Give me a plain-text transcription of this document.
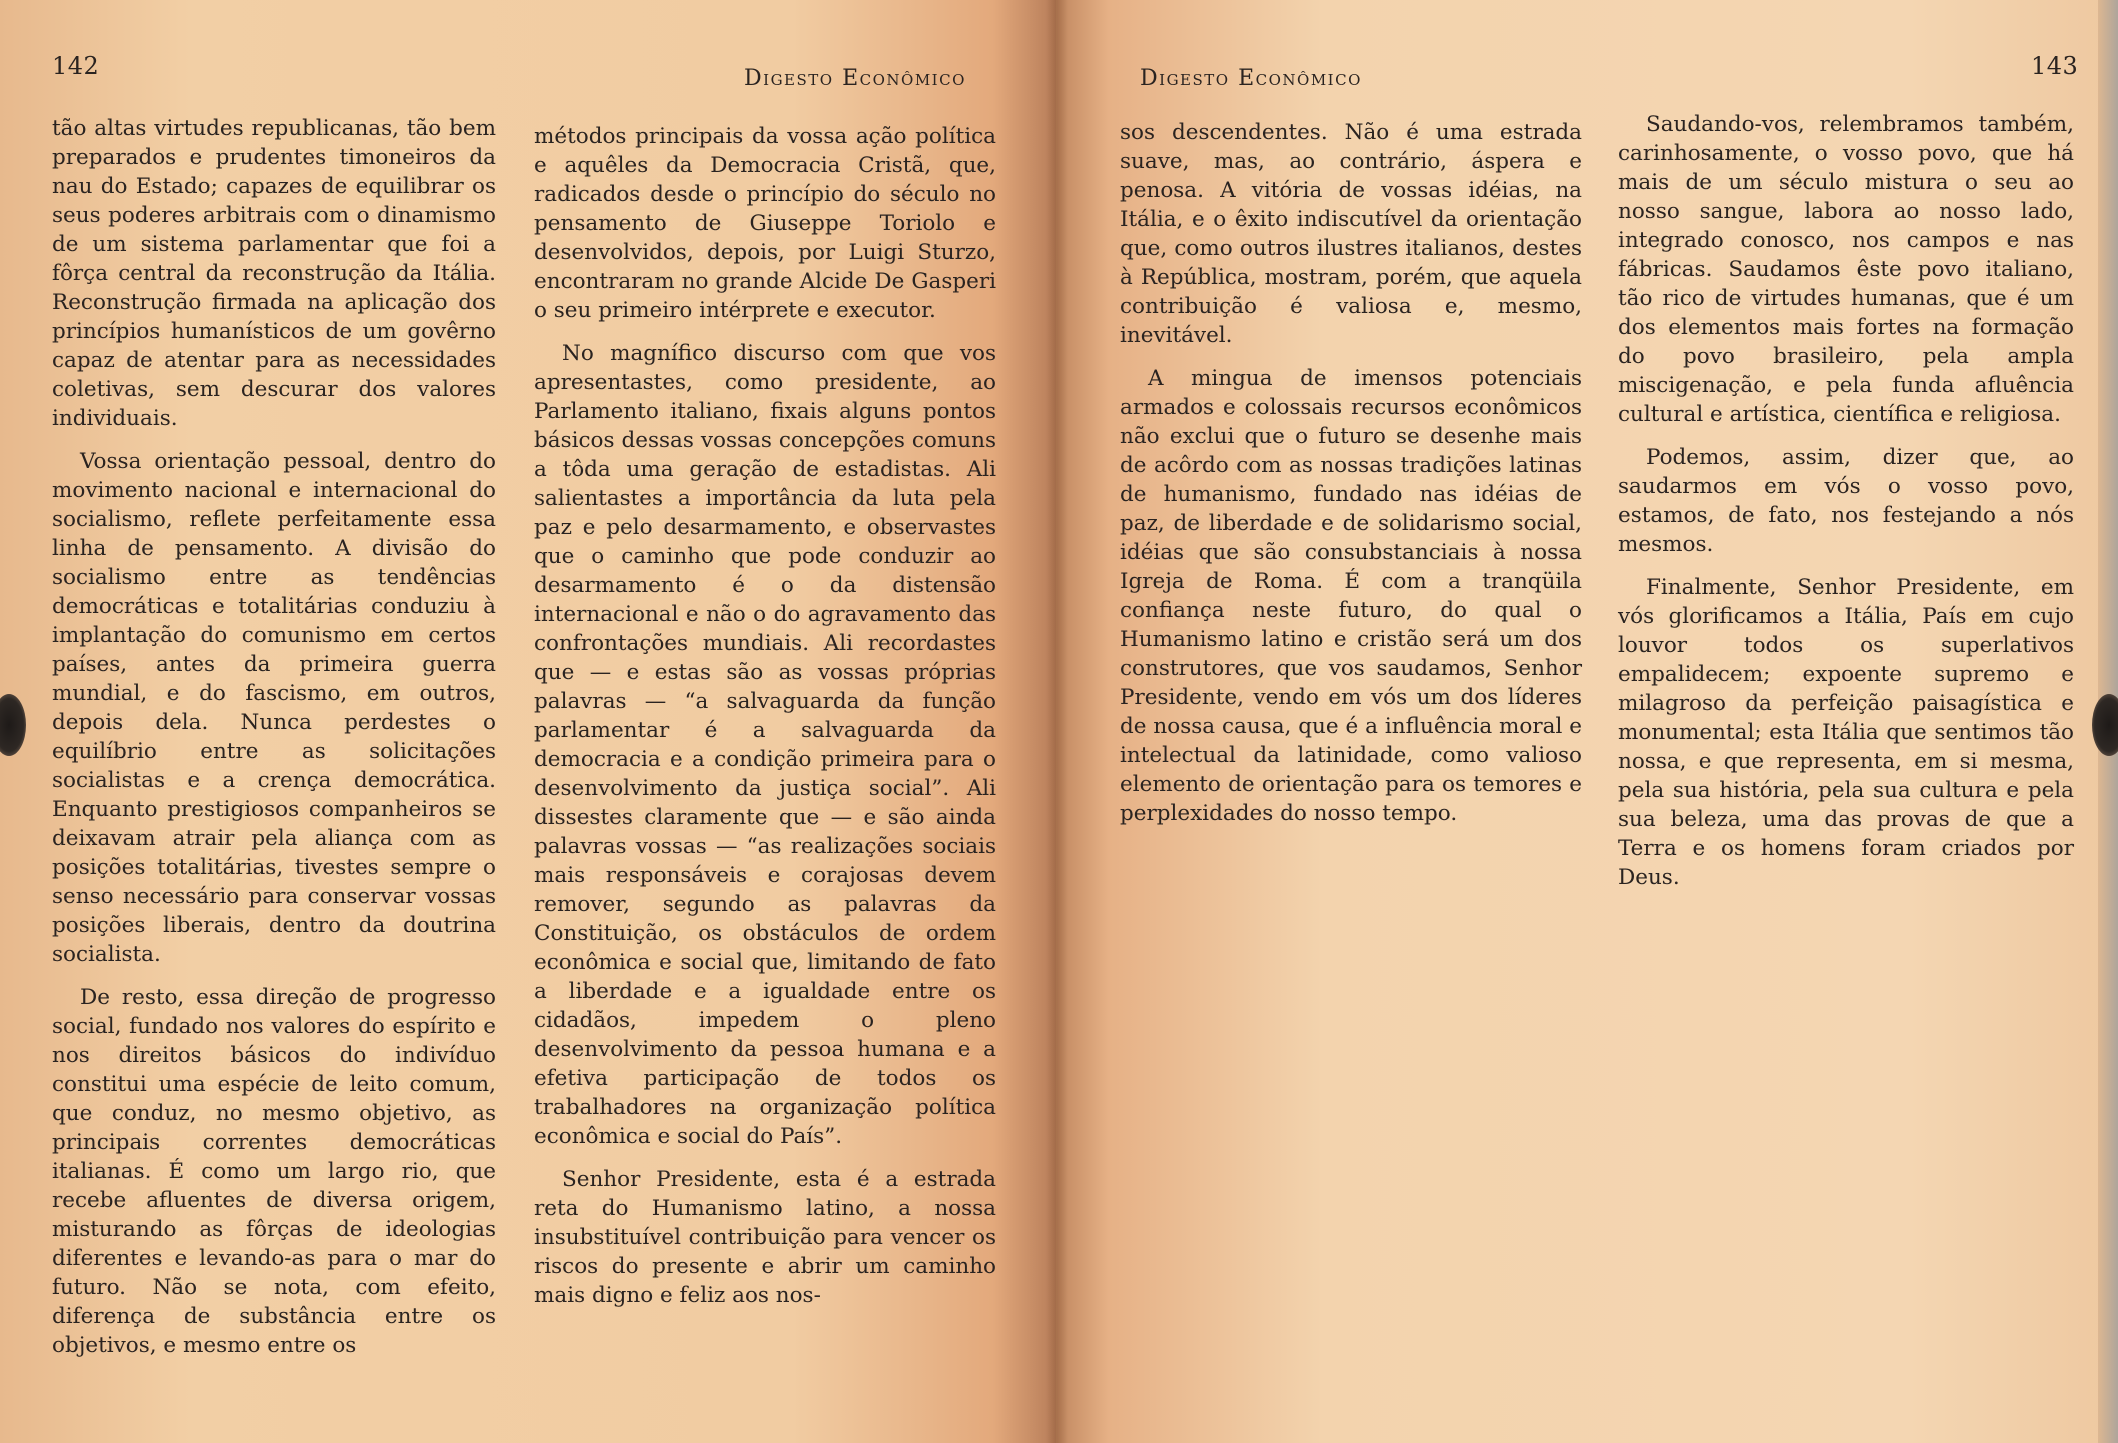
142	Digesto Econômico	Digesto Econômico	143

tão altas virtudes republicanas, tão bem preparados e prudentes timoneiros da nau do Estado; capazes de equilibrar os seus poderes arbitrais com o dinamismo de um sistema parlamentar que foi a fôrça central da reconstrução da Itália. Reconstrução firmada na aplicação dos princípios humanísticos de um govêrno capaz de atentar para as necessidades coletivas, sem descurar dos valores individuais.

Vossa orientação pessoal, dentro do movimento nacional e internacional do socialismo, reflete perfeitamente essa linha de pensamento. A divisão do socialismo entre as tendências democráticas e totalitárias conduziu à implantação do comunismo em certos países, antes da primeira guerra mundial, e do fascismo, em outros, depois dela. Nunca perdestes o equilíbrio entre as solicitações socialistas e a crença democrática. Enquanto prestigiosos companheiros se deixavam atrair pela aliança com as posições totalitárias, tivestes sempre o senso necessário para conservar vossas posições liberais, dentro da doutrina socialista.

De resto, essa direção de progresso social, fundado nos valores do espírito e nos direitos básicos do indivíduo constitui uma espécie de leito comum, que conduz, no mesmo objetivo, as principais correntes democráticas italianas. É como um largo rio, que recebe afluentes de diversa origem, misturando as fôrças de ideologias diferentes e levando-as para o mar do futuro. Não se nota, com efeito, diferença de substância entre os objetivos, e mesmo entre os

métodos principais da vossa ação política e aquêles da Democracia Cristã, que, radicados desde o princípio do século no pensamento de Giuseppe Toriolo e desenvolvidos, depois, por Luigi Sturzo, encontraram no grande Alcide De Gasperi o seu primeiro intérprete e executor.

No magnífico discurso com que vos apresentastes, como presidente, ao Parlamento italiano, fixais alguns pontos básicos dessas vossas concepções comuns a tôda uma geração de estadistas. Ali salientastes a importância da luta pela paz e pelo desarmamento, e observastes que o caminho que pode conduzir ao desarmamento é o da distensão internacional e não o do agravamento das confrontações mundiais. Ali recordastes que — e estas são as vossas próprias palavras — “a salvaguarda da função parlamentar é a salvaguarda da democracia e a condição primeira para o desenvolvimento da justiça social”. Ali dissestes claramente que — e são ainda palavras vossas — “as realizações sociais mais responsáveis e corajosas devem remover, segundo as palavras da Constituição, os obstáculos de ordem econômica e social que, limitando de fato a liberdade e a igualdade entre os cidadãos, impedem o pleno desenvolvimento da pessoa humana e a efetiva participação de todos os trabalhadores na organização política econômica e social do País”.

Senhor Presidente, esta é a estrada reta do Humanismo latino, a nossa insubstituível contribuição para vencer os riscos do presente e abrir um caminho mais digno e feliz aos nos-

sos descendentes. Não é uma estrada suave, mas, ao contrário, áspera e penosa. A vitória de vossas idéias, na Itália, e o êxito indiscutível da orientação que, como outros ilustres italianos, destes à República, mostram, porém, que aquela contribuição é valiosa e, mesmo, inevitável.

A mingua de imensos potenciais armados e colossais recursos econômicos não exclui que o futuro se desenhe mais de acôrdo com as nossas tradições latinas de humanismo, fundado nas idéias de paz, de liberdade e de solidarismo social, idéias que são consubstanciais à nossa Igreja de Roma. É com a tranqüila confiança neste futuro, do qual o Humanismo latino e cristão será um dos construtores, que vos saudamos, Senhor Presidente, vendo em vós um dos líderes de nossa causa, que é a influência moral e intelectual da latinidade, como valioso elemento de orientação para os temores e perplexidades do nosso tempo.

Saudando-vos, relembramos também, carinhosamente, o vosso povo, que há mais de um século mistura o seu ao nosso sangue, labora ao nosso lado, integrado conosco, nos campos e nas fábricas. Saudamos êste povo italiano, tão rico de virtudes humanas, que é um dos elementos mais fortes na formação do povo brasileiro, pela ampla miscigenação, e pela funda afluência cultural e artística, científica e religiosa.

Podemos, assim, dizer que, ao saudarmos em vós o vosso povo, estamos, de fato, nos festejando a nós mesmos.

Finalmente, Senhor Presidente, em vós glorificamos a Itália, País em cujo louvor todos os superlativos empalidecem; expoente supremo e milagroso da perfeição paisagística e monumental; esta Itália que sentimos tão nossa, e que representa, em si mesma, pela sua história, pela sua cultura e pela sua beleza, uma das provas de que a Terra e os homens foram criados por Deus.
